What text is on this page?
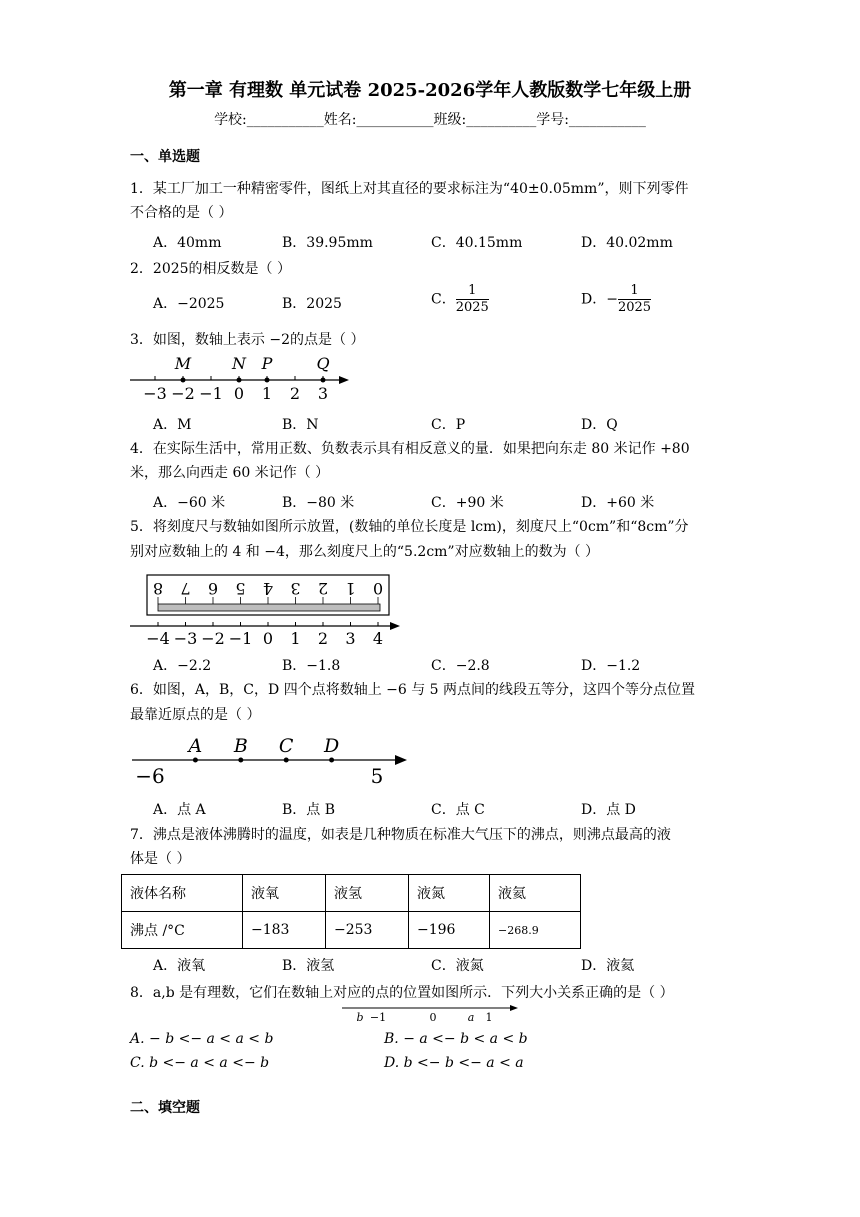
第一章 有理数 单元试卷 2025-2026学年人教版数学七年级上册
学校:___________姓名:___________班级:__________学号:___________
一、单选题
1．某工厂加工一种精密零件，图纸上对其直径的要求标注为“40±0.05mm”，则下列零件
不合格的是（ ）
A．40mm	B．39.95mm	C．40.15mm	D．40.02mm
2．2025的相反数是（ ）
A．−2025	B．2025	C． $\frac{1}{2025}$	D．− $\frac{1}{2025}$
3．如图，数轴上表示 −2的点是（ ）
−3 −2 −1 0 1 2 3
M	N P	Q
A．M	B．N	C．P	D．Q
4．在实际生活中，常用正数、负数表示具有相反意义的量．如果把向东走 80 米记作 +80
米，那么向西走 60 米记作（ ）
A．−60 米	B．−80 米	C．+90 米	D．+60 米
5．将刻度尺与数轴如图所示放置，(数轴的单位长度是 lcm)，刻度尺上“0cm”和“8cm”分
别对应数轴上的 4 和 −4，那么刻度尺上的“5.2cm”对应数轴上的数为（ ）
8 7 6 5 4 3 2 1 0
−4 −3 −2 −1 0 1 2 3 4
A．−2.2	B．−1.8	C．−2.8	D．−1.2
6．如图，A，B，C，D 四个点将数轴上 −6 与 5 两点间的线段五等分，这四个等分点位置
最靠近原点的是（ ）
A B C D
−6	5
A．点 A	B．点 B	C．点 C	D．点 D
7．沸点是液体沸腾时的温度，如表是几种物质在标准大气压下的沸点，则沸点最高的液
体是（ ）
液体名称	液氧	液氢	液氮	液氦
沸点 /°C	−183	−253	−196	−268.9
A．液氧	B．液氢	C．液氮	D．液氦
8．a,b 是有理数，它们在数轴上对应的点的位置如图所示．下列大小关系正确的是（ ）
b −1	0	a 1
A. − b <− a < a < b	B. − a <− b < a < b
C. b <− a < a <− b	D. b <− b <− a < a
二、填空题
